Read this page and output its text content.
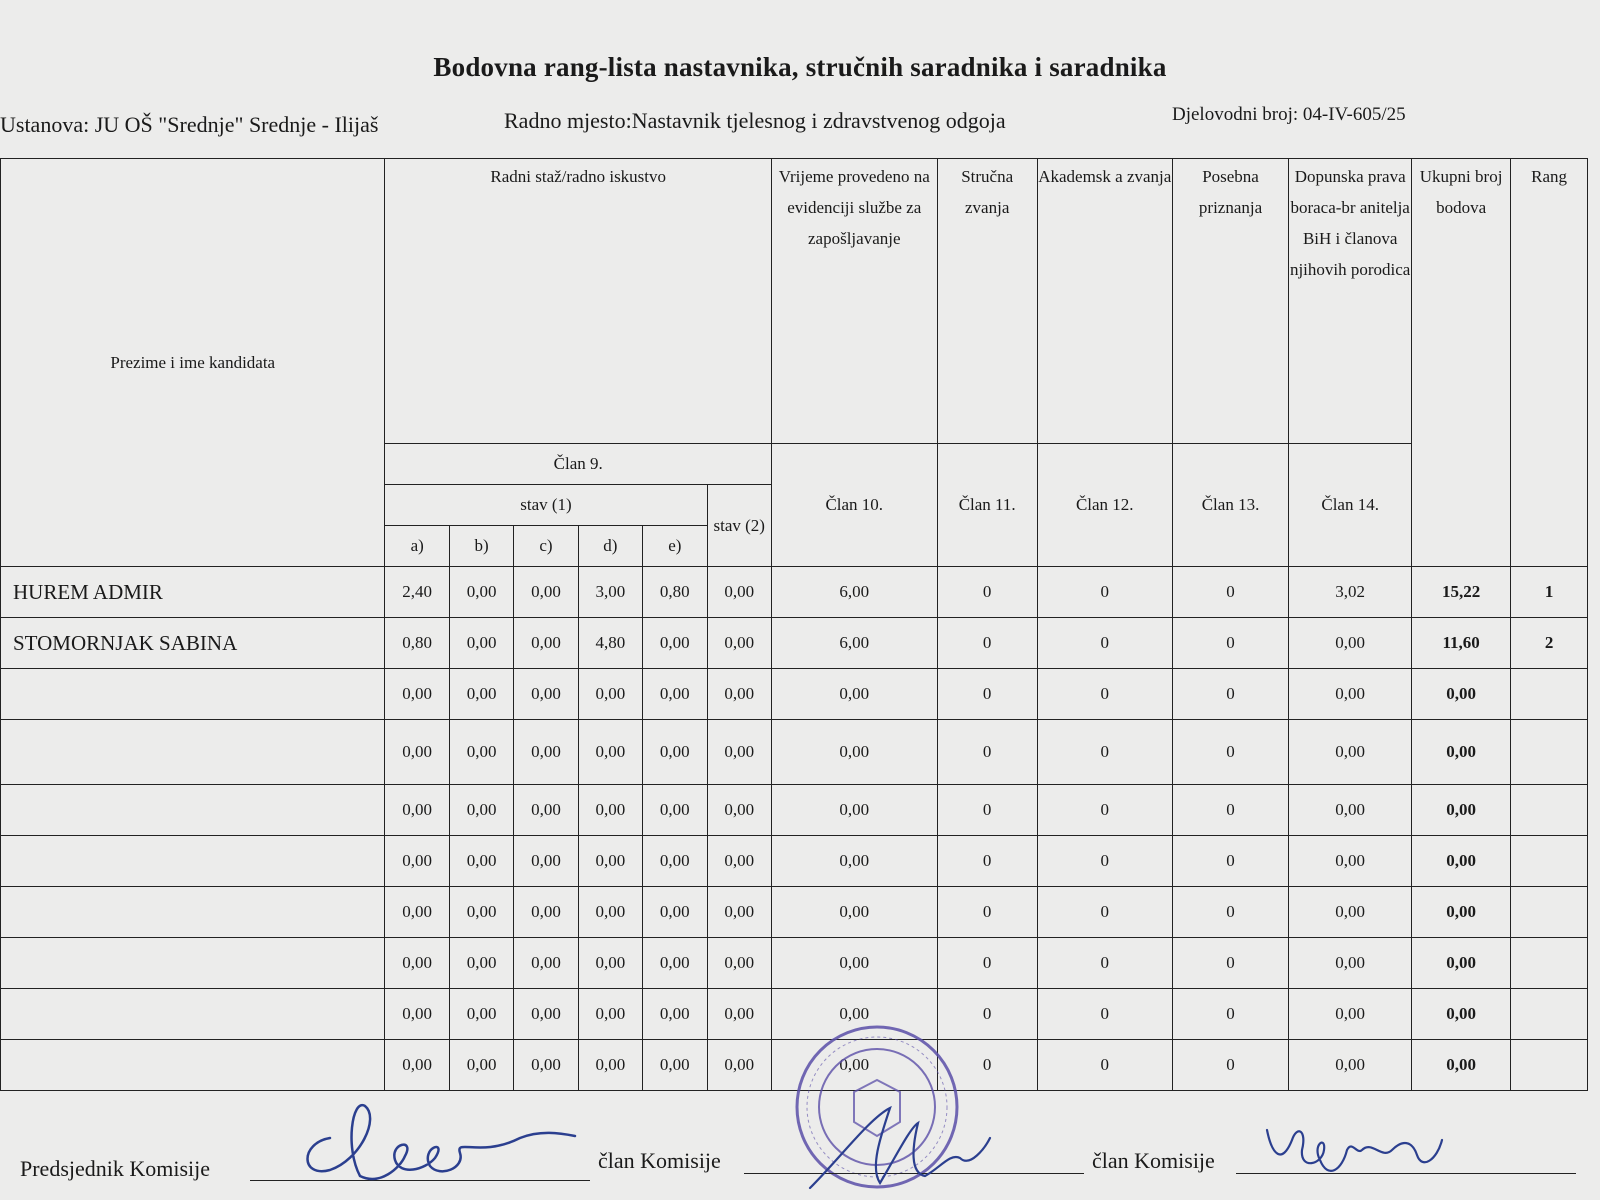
Bodovna rang-lista nastavnika, stručnih saradnika i saradnika
Ustanova: JU OŠ "Srednje" Srednje - Ilijaš	Radno mjesto:Nastavnik tjelesnog i zdravstvenog odgoja	Djelovodni broj: 04-IV-605/25
Prezime i ime kandidata	Radni staž/radno iskustvo						Vrijeme provedeno na evidenciji službe za zapošljavanje	Stručna zvanja	Akademsk a zvanja	Posebna priznanja	Dopunska prava boraca-br anitelja BiH i članova njihovih porodica	Ukupni broj bodova	Rang
	Član 9.						Član 10.	Član 11.	Član 12.	Član 13.	Član 14.		
	stav (1)					stav (2)							
	a)	b)	c)	d)	e)								
HUREM ADMIR	2,40	0,00	0,00	3,00	0,80	0,00	6,00	0	0	0	3,02	15,22	1
STOMORNJAK SABINA	0,80	0,00	0,00	4,80	0,00	0,00	6,00	0	0	0	0,00	11,60	2
	0,00	0,00	0,00	0,00	0,00	0,00	0,00	0	0	0	0,00	0,00	
	0,00	0,00	0,00	0,00	0,00	0,00	0,00	0	0	0	0,00	0,00	
	0,00	0,00	0,00	0,00	0,00	0,00	0,00	0	0	0	0,00	0,00	
	0,00	0,00	0,00	0,00	0,00	0,00	0,00	0	0	0	0,00	0,00	
	0,00	0,00	0,00	0,00	0,00	0,00	0,00	0	0	0	0,00	0,00	
	0,00	0,00	0,00	0,00	0,00	0,00	0,00	0	0	0	0,00	0,00	
	0,00	0,00	0,00	0,00	0,00	0,00	0,00	0	0	0	0,00	0,00	
	0,00	0,00	0,00	0,00	0,00	0,00	0,00	0	0	0	0,00	0,00	
Predsjednik Komisije	član Komisije	član Komisije
